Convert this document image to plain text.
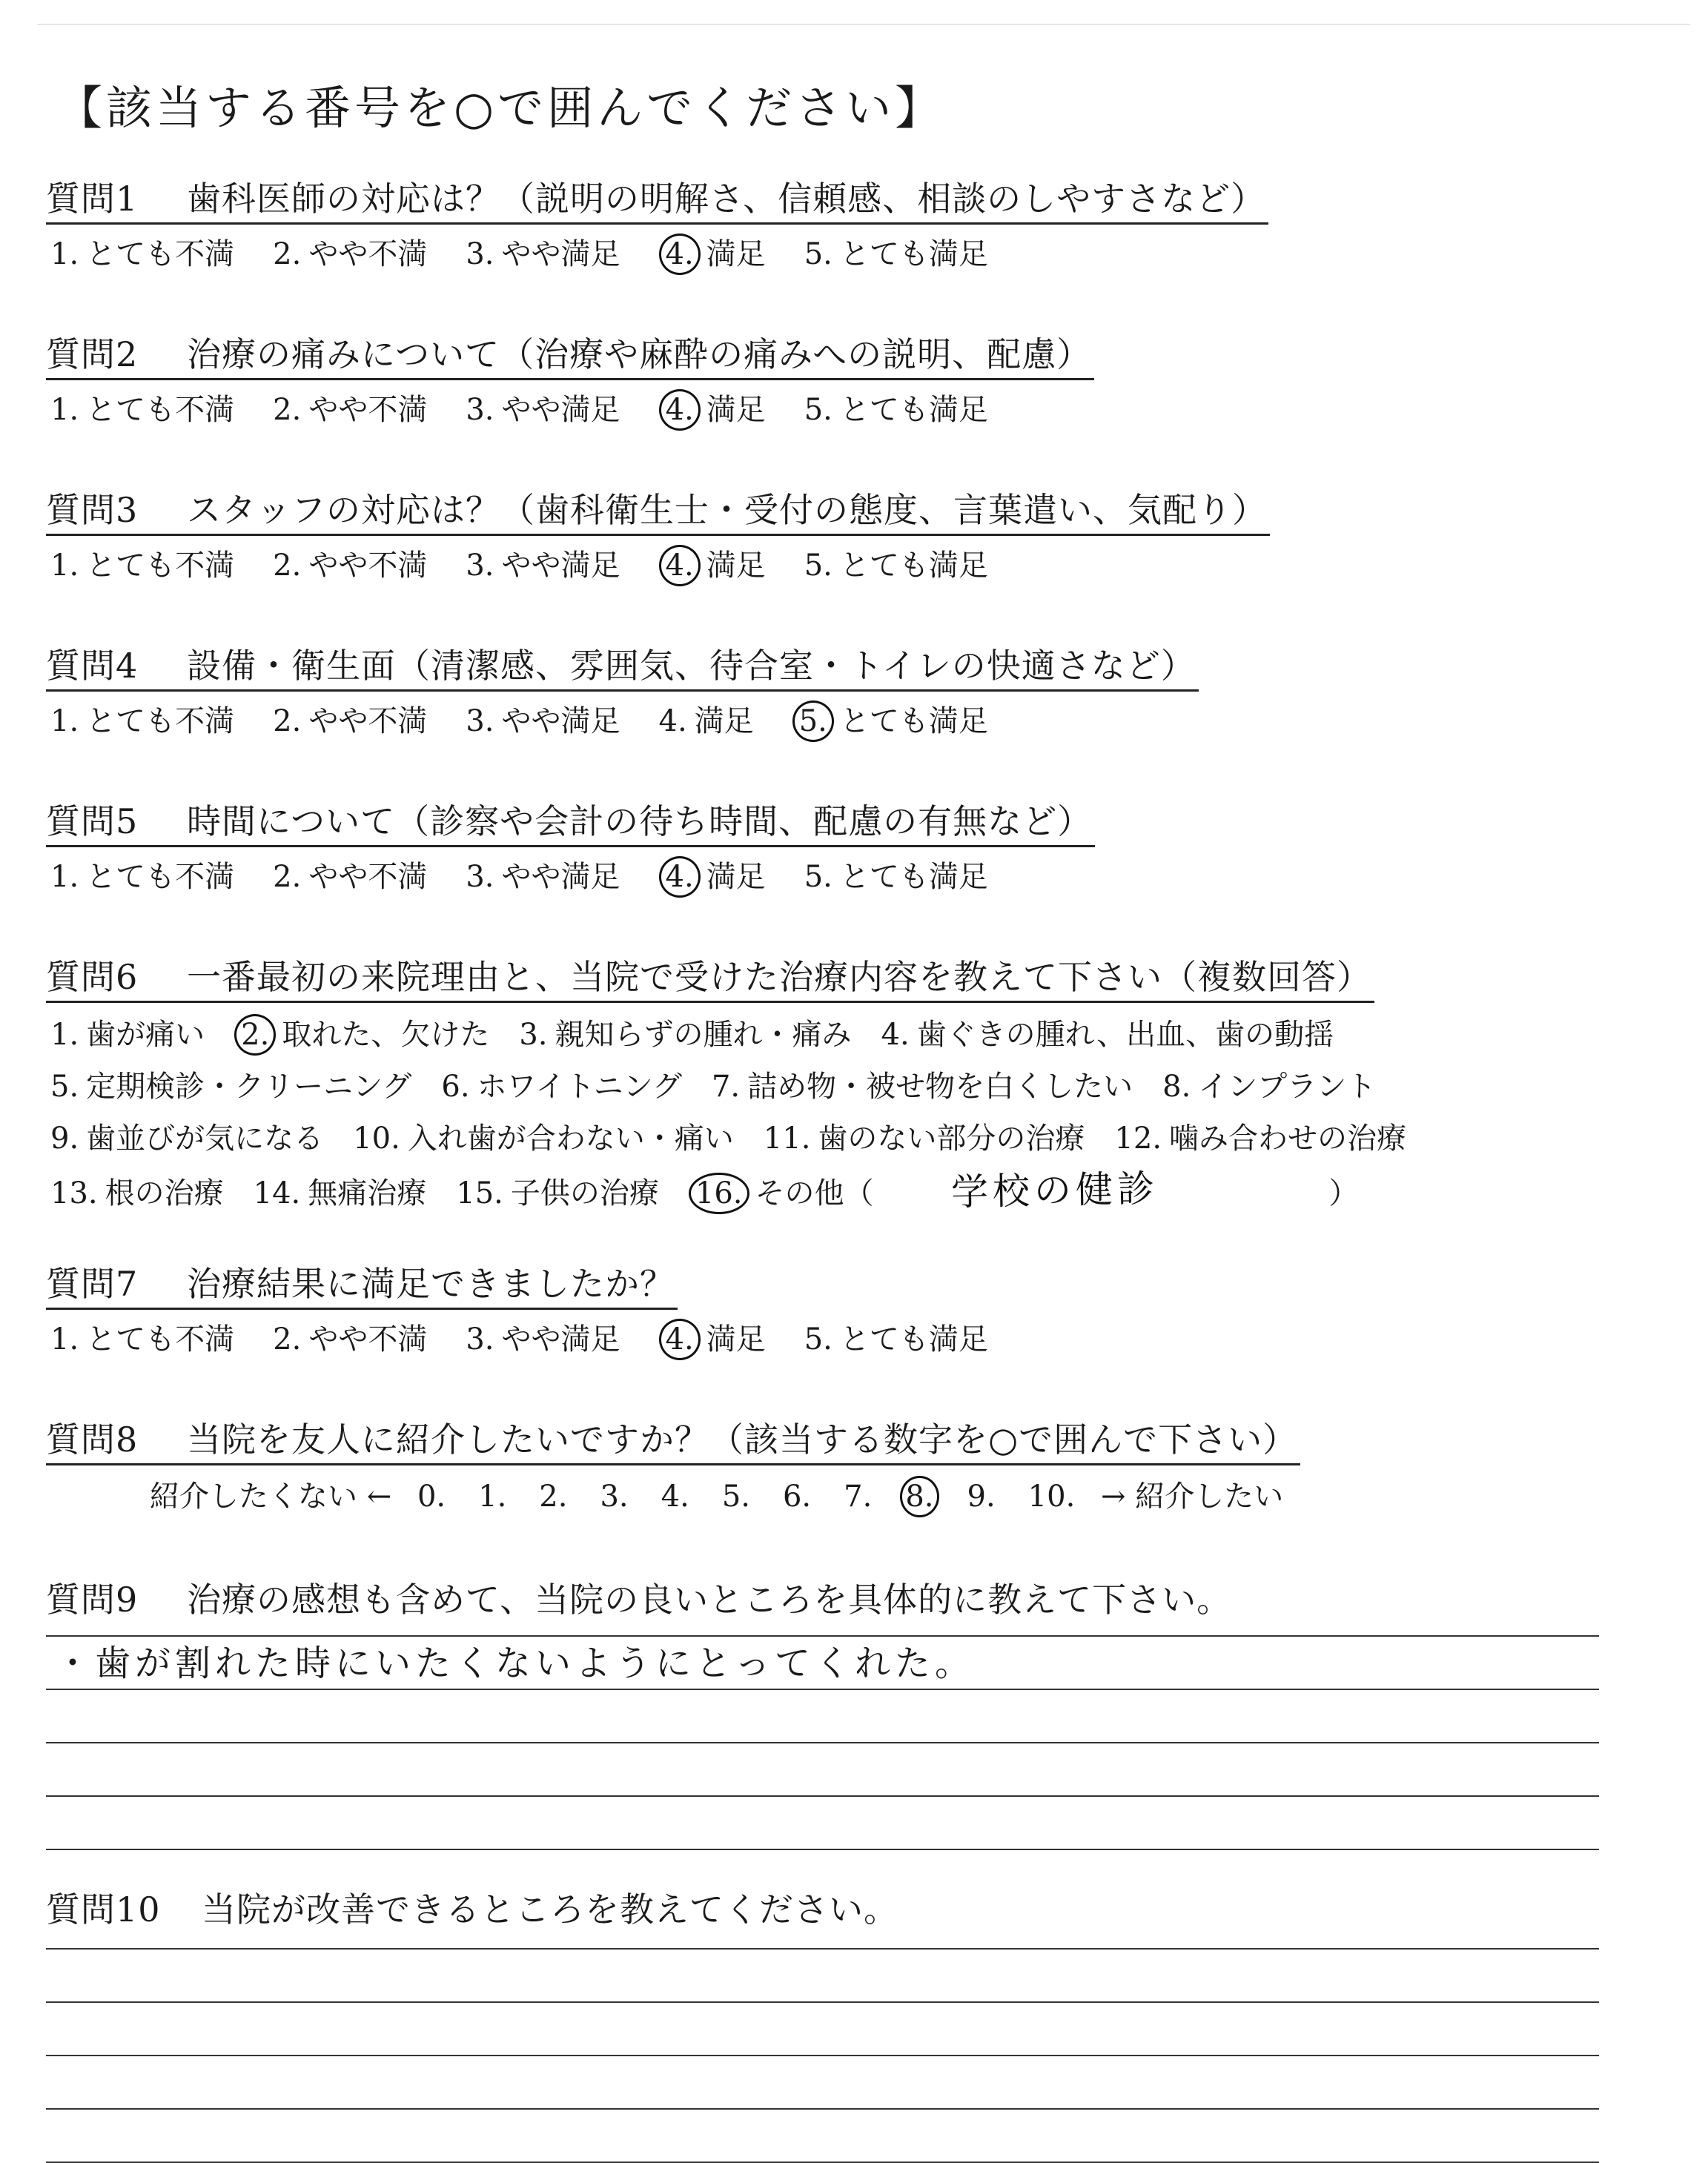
【該当する番号を○で囲んでください】
質問1 歯科医師の対応は？（説明の明解さ、信頼感、相談のしやすさなど）
1. とても不満 2. やや不満 3. やや満足 4. 満足 5. とても満足
質問2 治療の痛みについて（治療や麻酔の痛みへの説明、配慮）
1. とても不満 2. やや不満 3. やや満足 4. 満足 5. とても満足
質問3 スタッフの対応は？（歯科衛生士・受付の態度、言葉遣い、気配り）
1. とても不満 2. やや不満 3. やや満足 4. 満足 5. とても満足
質問4 設備・衛生面（清潔感、雰囲気、待合室・トイレの快適さなど）
1. とても不満 2. やや不満 3. やや満足 4. 満足 5. とても満足
質問5 時間について（診察や会計の待ち時間、配慮の有無など）
1. とても不満 2. やや不満 3. やや満足 4. 満足 5. とても満足
質問6 一番最初の来院理由と、当院で受けた治療内容を教えて下さい（複数回答）
1. 歯が痛い 2. 取れた、欠けた 3. 親知らずの腫れ・痛み 4. 歯ぐきの腫れ、出血、歯の動揺
5. 定期検診・クリーニング 6. ホワイトニング 7. 詰め物・被せ物を白くしたい 8. インプラント
9. 歯並びが気になる 10. 入れ歯が合わない・痛い 11. 歯のない部分の治療 12. 噛み合わせの治療
13. 根の治療 14. 無痛治療 15. 子供の治療 16. その他（ 学校の健診	）
質問7 治療結果に満足できましたか？
1. とても不満 2. やや不満 3. やや満足 4. 満足 5. とても満足
質問8 当院を友人に紹介したいですか？（該当する数字を○で囲んで下さい）
紹介したくない ← 0. 1. 2. 3. 4. 5. 6. 7. 8. 9. 10. → 紹介したい
質問9 治療の感想も含めて、当院の良いところを具体的に教えて下さい。
・歯が割れた時にいたくないようにとってくれた。
質問10 当院が改善できるところを教えてください。
